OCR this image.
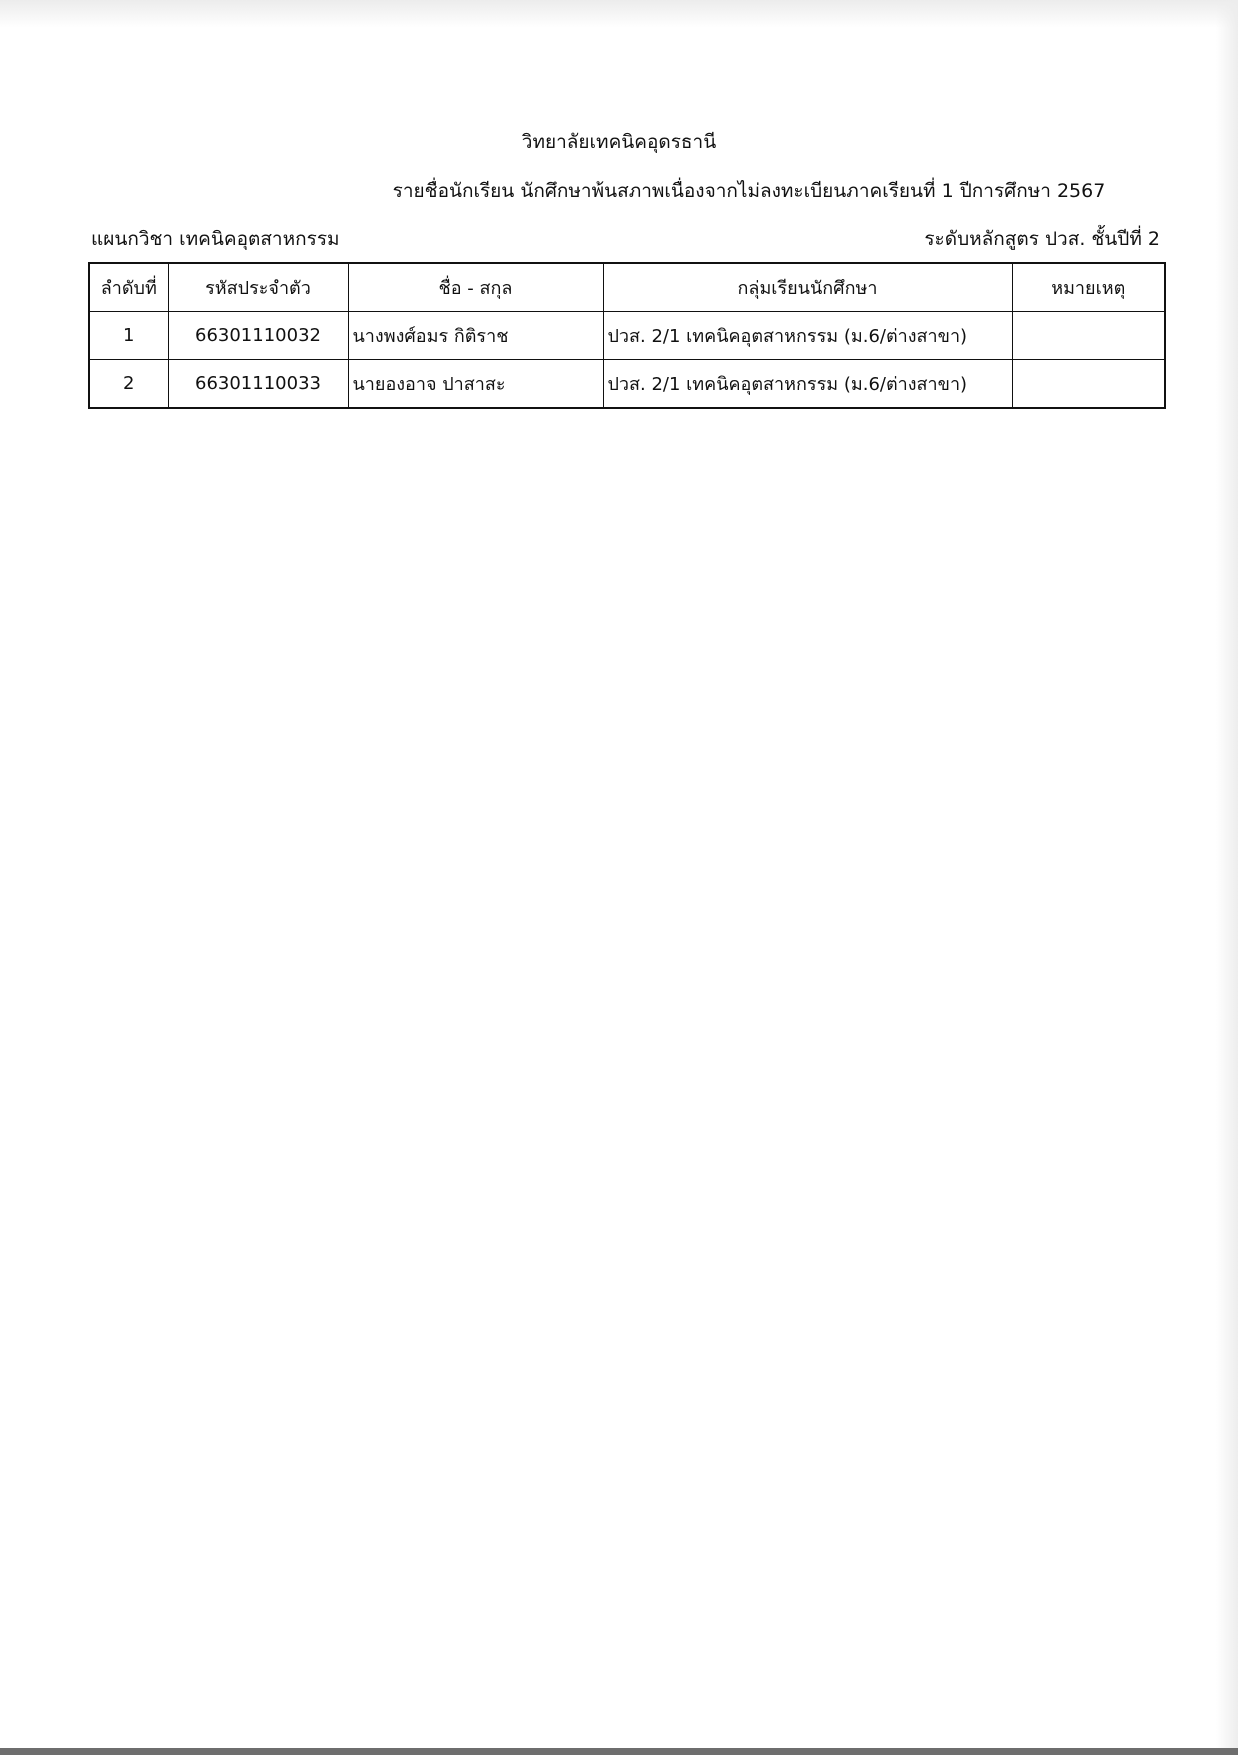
วิทยาลัยเทคนิคอุดรธานี
รายชื่อนักเรียน นักศึกษาพ้นสภาพเนื่องจากไม่ลงทะเบียนภาคเรียนที่ 1 ปีการศึกษา 2567
แผนกวิชา เทคนิคอุตสาหกรรม	ระดับหลักสูตร ปวส. ชั้นปีที่ 2
ลำดับที่	รหัสประจำตัว	ชื่อ - สกุล	กลุ่มเรียนนักศึกษา	หมายเหตุ
1	66301110032	นางพงศ์อมร กิติราช	ปวส. 2/1 เทคนิคอุตสาหกรรม (ม.6/ต่างสาขา)	
2	66301110033	นายองอาจ ปาสาสะ	ปวส. 2/1 เทคนิคอุตสาหกรรม (ม.6/ต่างสาขา)	
